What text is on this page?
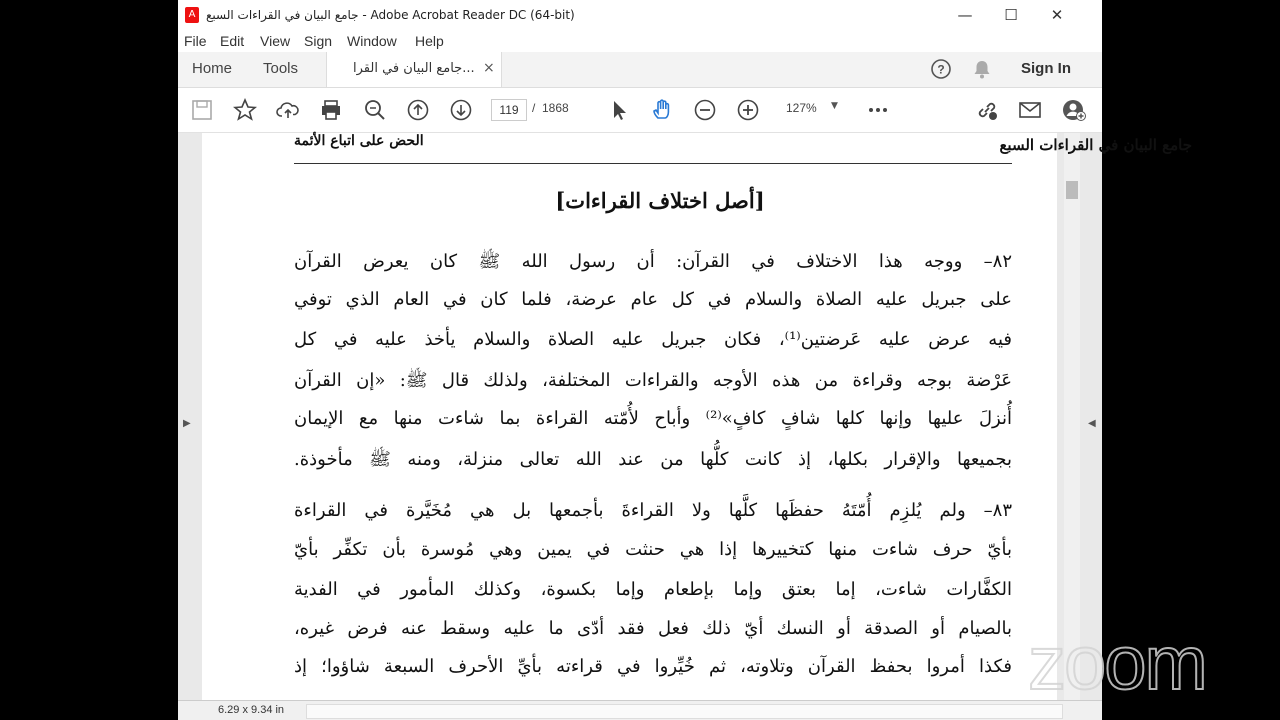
A جامع البيان في القراءات السبع - Adobe Acrobat Reader DC (64-bit)	—	☐	✕
File Edit View Sign Window Help
Home Tools	?
جامع البيان في القرا... ×	Sign In
119	/ 1868	127% ▼
▶	◀
6.29 x 9.34 in
جامع البيان في القراءات السبع
الحض على اتباع الأئمة
[أصل اختلاف القراءات]
٨٢– ووجه هذا الاختلاف في القرآن: أن رسول الله ﷺ كان يعرض القرآن
على جبريل عليه الصلاة والسلام في كل عام عرضة، فلما كان في العام الذي توفي
فيه عرض عليه عَرضتين⁽¹⁾، فكان جبريل عليه الصلاة والسلام يأخذ عليه في كل
عَرْضة بوجه وقراءة من هذه الأوجه والقراءات المختلفة، ولذلك قال ﷺ: «إن القرآن
أُنزلَ عليها وإنها كلها شافٍ كافٍ»⁽²⁾ وأباح لأُمّته القراءة بما شاءت منها مع الإيمان
بجميعها والإقرار بكلها، إذ كانت كلُّها من عند الله تعالى منزلة، ومنه ﷺ مأخوذة.
٨٣– ولم يُلزِم أُمّتَهُ حفظَها كلَّها ولا القراءةَ بأجمعها بل هي مُخَيَّرة في القراءة
بأيّ حرف شاءت منها كتخييرها إذا هي حنثت في يمين وهي مُوسرة بأن تكفِّر بأيّ
الكفَّارات شاءت، إما بعتق وإما بإطعام وإما بكسوة، وكذلك المأمور في الفدية
بالصيام أو الصدقة أو النسك أيّ ذلك فعل فقد أدّى ما عليه وسقط عنه فرض غيره،
فكذا أمروا بحفظ القرآن وتلاوته، ثم خُيِّروا في قراءته بأيِّ الأحرف السبعة شاؤوا؛ إذ zoom
